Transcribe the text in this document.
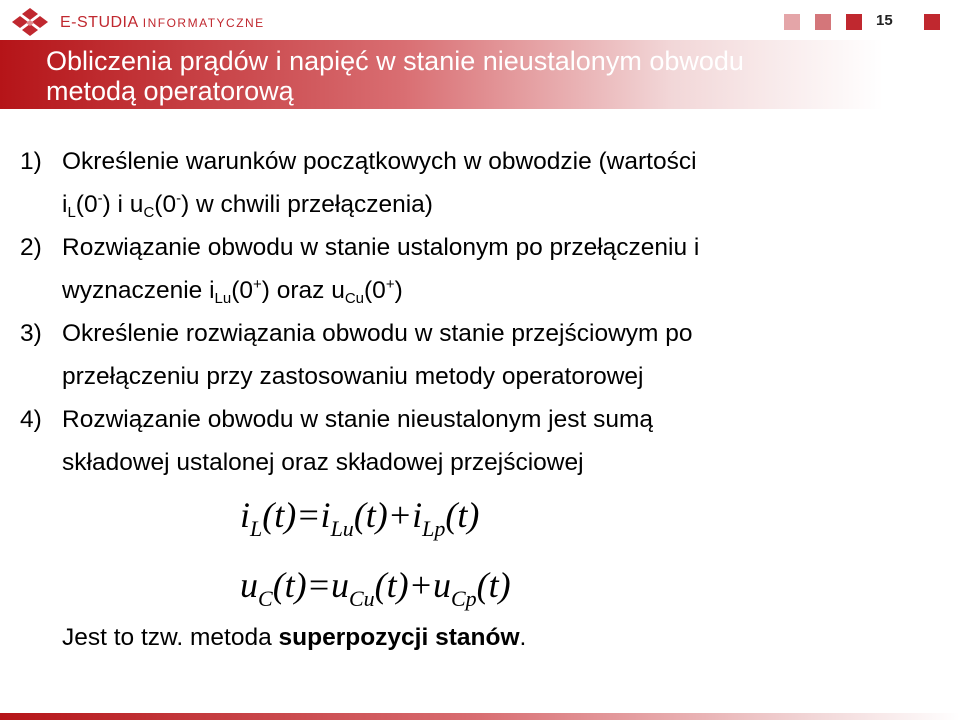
E-STUDIA INFORMATYCZNE	15
Obliczenia prądów i napięć w stanie nieustalonym obwodu
metodą operatorową
1) Określenie warunków początkowych w obwodzie (wartości
$i_L(0^-)$ i $u_C(0^-)$ w chwili przełączenia)
2) Rozwiązanie obwodu w stanie ustalonym po przełączeniu i
wyznaczenie $i_{Lu}(0^+)$ oraz $u_{Cu}(0^+)$
3) Określenie rozwiązania obwodu w stanie przejściowym po
przełączeniu przy zastosowaniu metody operatorowej
4) Rozwiązanie obwodu w stanie nieustalonym jest sumą
składowej ustalonej oraz składowej przejściowej
$i_L(t)=i_{Lu}(t)+i_{Lp}(t)$
$u_C(t)=u_{Cu}(t)+u_{Cp}(t)$
Jest to tzw. metoda superpozycji stanów.
